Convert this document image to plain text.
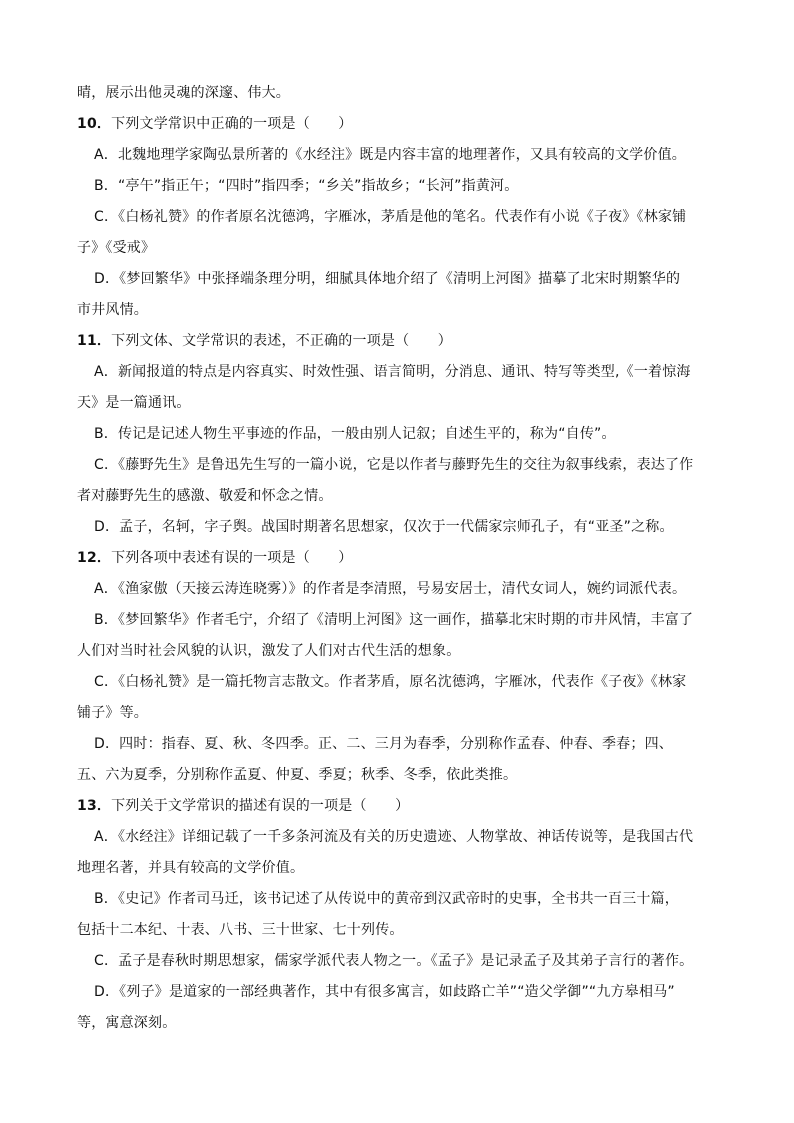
晴，展示出他灵魂的深邃、伟大。
10．下列文学常识中正确的一项是（　　）
A．北魏地理学家陶弘景所著的《水经注》既是内容丰富的地理著作，又具有较高的文学价值。
B．“亭午”指正午；“四时”指四季；“乡关”指故乡；“长河”指黄河。
C．《白杨礼赞》的作者原名沈德鸿，字雁冰，茅盾是他的笔名。代表作有小说《子夜》《林家铺
子》《受戒》
D．《梦回繁华》中张择端条理分明，细腻具体地介绍了《清明上河图》描摹了北宋时期繁华的
市井风情。
11．下列文体、文学常识的表述，不正确的一项是（　　）
A．新闻报道的特点是内容真实、时效性强、语言简明，分消息、通讯、特写等类型,《一着惊海
天》是一篇通讯。
B．传记是记述人物生平事迹的作品，一般由别人记叙；自述生平的，称为“自传”。
C．《藤野先生》是鲁迅先生写的一篇小说，它是以作者与藤野先生的交往为叙事线索，表达了作
者对藤野先生的感激、敬爱和怀念之情。
D．孟子，名轲，字子舆。战国时期著名思想家，仅次于一代儒家宗师孔子，有“亚圣”之称。
12．下列各项中表述有误的一项是（　　）
A．《渔家傲（天接云涛连晓雾）》的作者是李清照，号易安居士，清代女词人，婉约词派代表。
B．《梦回繁华》作者毛宁，介绍了《清明上河图》这一画作，描摹北宋时期的市井风情，丰富了
人们对当时社会风貌的认识，激发了人们对古代生活的想象。
C．《白杨礼赞》是一篇托物言志散文。作者茅盾，原名沈德鸿，字雁冰，代表作《子夜》《林家
铺子》等。
D．四时：指春、夏、秋、冬四季。正、二、三月为春季，分别称作孟春、仲春、季春；四、
五、六为夏季，分别称作孟夏、仲夏、季夏；秋季、冬季，依此类推。
13．下列关于文学常识的描述有误的一项是（　　）
A．《水经注》详细记载了一千多条河流及有关的历史遗迹、人物掌故、神话传说等，是我国古代
地理名著，并具有较高的文学价值。
B．《史记》作者司马迁，该书记述了从传说中的黄帝到汉武帝时的史事，全书共一百三十篇，
包括十二本纪、十表、八书、三十世家、七十列传。
C．孟子是春秋时期思想家，儒家学派代表人物之一。《孟子》是记录孟子及其弟子言行的著作。
D．《列子》是道家的一部经典著作，其中有很多寓言，如歧路亡羊”“造父学御”“九方皋相马”
等，寓意深刻。
